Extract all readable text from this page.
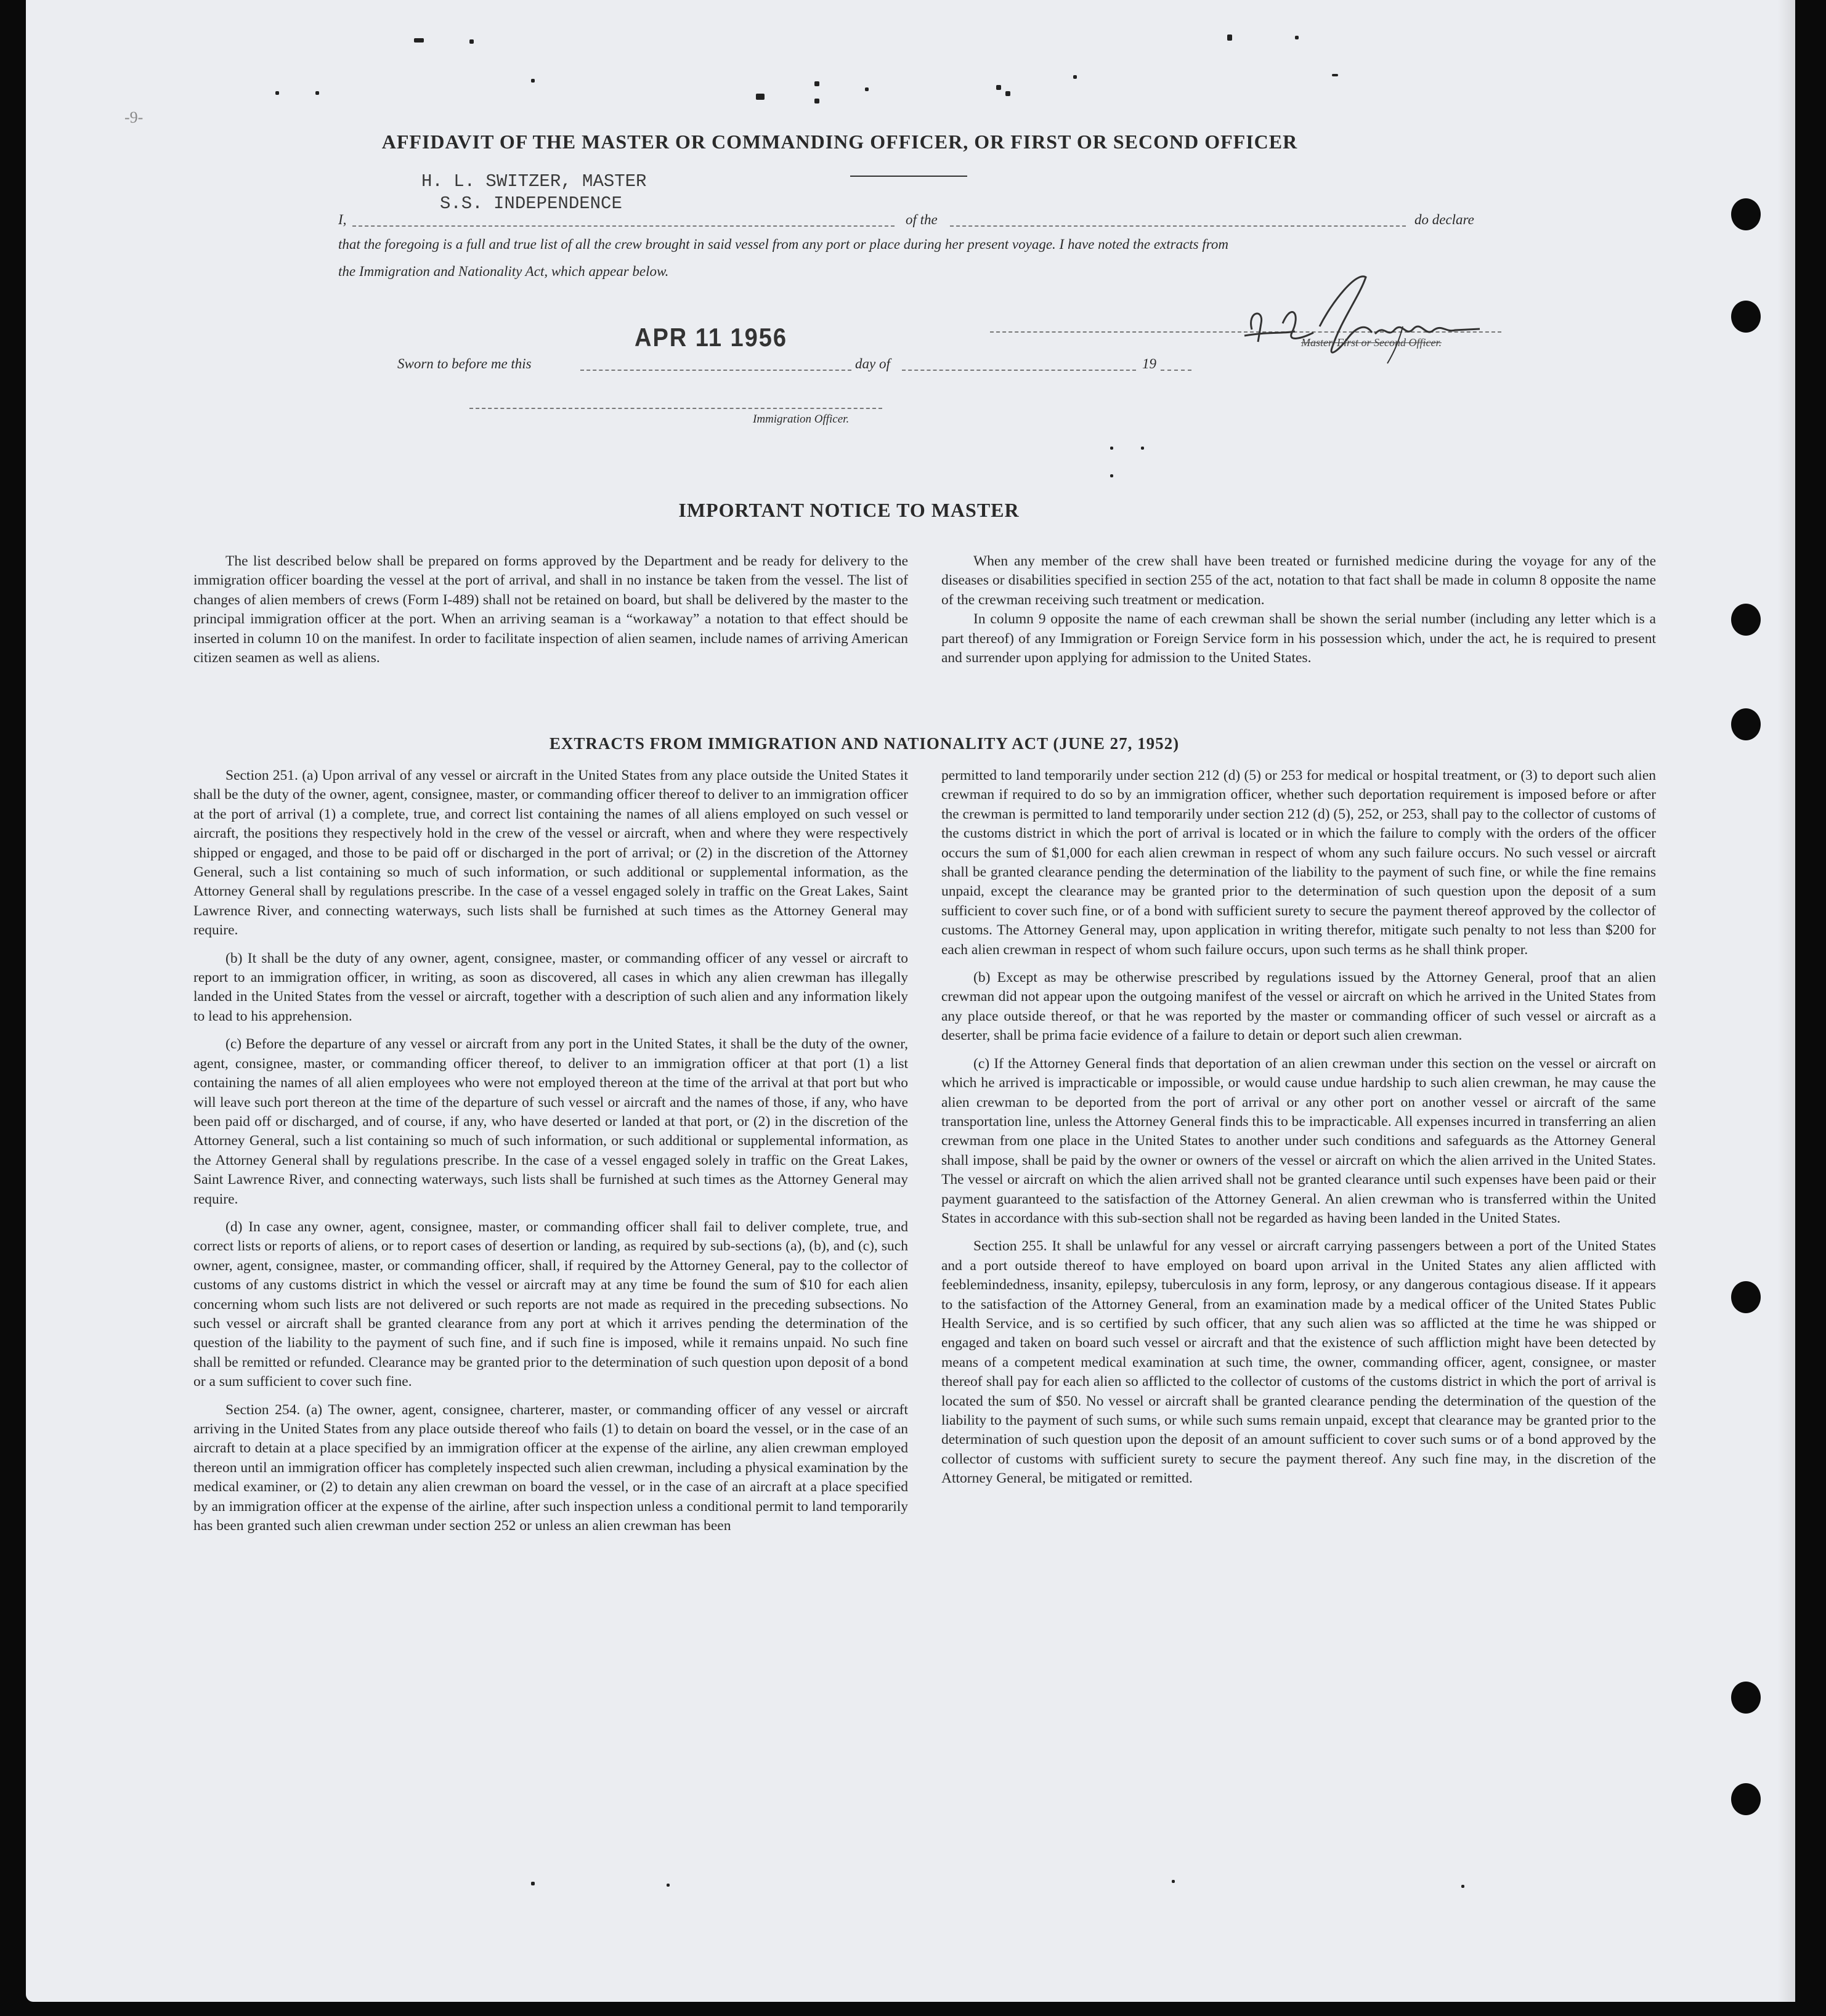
-9-
AFFIDAVIT OF THE MASTER OR COMMANDING OFFICER, OR FIRST OR SECOND OFFICER
H. L. SWITZER, MASTER
S.S. INDEPENDENCE
I,	of the	do declare
that the foregoing is a full and true list of all the crew brought in said vessel from any port or place during her present voyage. I have noted the extracts from
the Immigration and Nationality Act, which appear below.
Master, First or Second Officer.
APR 11 1956
Sworn to before me this	day of	19
Immigration Officer.
IMPORTANT NOTICE TO MASTER

The list described below shall be prepared on forms approved by the Department and be ready for delivery to the immigration officer boarding the vessel at the port of arrival, and shall in no instance be taken from the vessel. The list of changes of alien members of crews (Form I-489) shall not be retained on board, but shall be delivered by the master to the principal immigration officer at the port. When an arriving seaman is a “workaway” a notation to that effect should be inserted in column 10 on the manifest. In order to facilitate inspection of alien seamen, include names of arriving American citizen seamen as well as aliens.

When any member of the crew shall have been treated or furnished medicine during the voyage for any of the diseases or disabilities specified in section 255 of the act, notation to that fact shall be made in column 8 opposite the name of the crewman receiving such treatment or medication.

In column 9 opposite the name of each crewman shall be shown the serial number (including any letter which is a part thereof) of any Immigration or Foreign Service form in his possession which, under the act, he is required to present and surrender upon applying for admission to the United States.

EXTRACTS FROM IMMIGRATION AND NATIONALITY ACT (JUNE 27, 1952)

Section 251. (a) Upon arrival of any vessel or aircraft in the United States from any place outside the United States it shall be the duty of the owner, agent, consignee, master, or commanding officer thereof to deliver to an immigration officer at the port of arrival (1) a complete, true, and correct list containing the names of all aliens employed on such vessel or aircraft, the positions they respectively hold in the crew of the vessel or aircraft, when and where they were respectively shipped or engaged, and those to be paid off or discharged in the port of arrival; or (2) in the discretion of the Attorney General, such a list containing so much of such information, or such additional or supplemental information, as the Attorney General shall by regulations prescribe. In the case of a vessel engaged solely in traffic on the Great Lakes, Saint Lawrence River, and connecting waterways, such lists shall be furnished at such times as the Attorney General may require.

(b) It shall be the duty of any owner, agent, consignee, master, or commanding officer of any vessel or aircraft to report to an immigration officer, in writing, as soon as discovered, all cases in which any alien crewman has illegally landed in the United States from the vessel or aircraft, together with a description of such alien and any information likely to lead to his apprehension.

(c) Before the departure of any vessel or aircraft from any port in the United States, it shall be the duty of the owner, agent, consignee, master, or commanding officer thereof, to deliver to an immigration officer at that port (1) a list containing the names of all alien employees who were not employed thereon at the time of the arrival at that port but who will leave such port thereon at the time of the departure of such vessel or aircraft and the names of those, if any, who have been paid off or discharged, and of course, if any, who have deserted or landed at that port, or (2) in the discretion of the Attorney General, such a list containing so much of such information, or such additional or supplemental information, as the Attorney General shall by regulations prescribe. In the case of a vessel engaged solely in traffic on the Great Lakes, Saint Lawrence River, and connecting waterways, such lists shall be furnished at such times as the Attorney General may require.

(d) In case any owner, agent, consignee, master, or commanding officer shall fail to deliver complete, true, and correct lists or reports of aliens, or to report cases of desertion or landing, as required by sub-sections (a), (b), and (c), such owner, agent, consignee, master, or commanding officer, shall, if required by the Attorney General, pay to the collector of customs of any customs district in which the vessel or aircraft may at any time be found the sum of $10 for each alien concerning whom such lists are not delivered or such reports are not made as required in the preceding subsections. No such vessel or aircraft shall be granted clearance from any port at which it arrives pending the determination of the question of the liability to the payment of such fine, and if such fine is imposed, while it remains unpaid. No such fine shall be remitted or refunded. Clearance may be granted prior to the determination of such question upon deposit of a bond or a sum sufficient to cover such fine.

Section 254. (a) The owner, agent, consignee, charterer, master, or commanding officer of any vessel or aircraft arriving in the United States from any place outside thereof who fails (1) to detain on board the vessel, or in the case of an aircraft to detain at a place specified by an immigration officer at the expense of the airline, any alien crewman employed thereon until an immigration officer has completely inspected such alien crewman, including a physical examination by the medical examiner, or (2) to detain any alien crewman on board the vessel, or in the case of an aircraft at a place specified by an immigration officer at the expense of the airline, after such inspection unless a conditional permit to land temporarily has been granted such alien crewman under section 252 or unless an alien crewman has been

permitted to land temporarily under section 212 (d) (5) or 253 for medical or hospital treatment, or (3) to deport such alien crewman if required to do so by an immigration officer, whether such deportation requirement is imposed before or after the crewman is permitted to land temporarily under section 212 (d) (5), 252, or 253, shall pay to the collector of customs of the customs district in which the port of arrival is located or in which the failure to comply with the orders of the officer occurs the sum of $1,000 for each alien crewman in respect of whom any such failure occurs. No such vessel or aircraft shall be granted clearance pending the determination of the liability to the payment of such fine, or while the fine remains unpaid, except the clearance may be granted prior to the determination of such question upon the deposit of a sum sufficient to cover such fine, or of a bond with sufficient surety to secure the payment thereof approved by the collector of customs. The Attorney General may, upon application in writing therefor, mitigate such penalty to not less than $200 for each alien crewman in respect of whom such failure occurs, upon such terms as he shall think proper.

(b) Except as may be otherwise prescribed by regulations issued by the Attorney General, proof that an alien crewman did not appear upon the outgoing manifest of the vessel or aircraft on which he arrived in the United States from any place outside thereof, or that he was reported by the master or commanding officer of such vessel or aircraft as a deserter, shall be prima facie evidence of a failure to detain or deport such alien crewman.

(c) If the Attorney General finds that deportation of an alien crewman under this section on the vessel or aircraft on which he arrived is impracticable or impossible, or would cause undue hardship to such alien crewman, he may cause the alien crewman to be deported from the port of arrival or any other port on another vessel or aircraft of the same transportation line, unless the Attorney General finds this to be impracticable. All expenses incurred in transferring an alien crewman from one place in the United States to another under such conditions and safeguards as the Attorney General shall impose, shall be paid by the owner or owners of the vessel or aircraft on which the alien arrived in the United States. The vessel or aircraft on which the alien arrived shall not be granted clearance until such expenses have been paid or their payment guaranteed to the satisfaction of the Attorney General. An alien crewman who is transferred within the United States in accordance with this sub-section shall not be regarded as having been landed in the United States.

Section 255. It shall be unlawful for any vessel or aircraft carrying passengers between a port of the United States and a port outside thereof to have employed on board upon arrival in the United States any alien afflicted with feeblemindedness, insanity, epilepsy, tuberculosis in any form, leprosy, or any dangerous contagious disease. If it appears to the satisfaction of the Attorney General, from an examination made by a medical officer of the United States Public Health Service, and is so certified by such officer, that any such alien was so afflicted at the time he was shipped or engaged and taken on board such vessel or aircraft and that the existence of such affliction might have been detected by means of a competent medical examination at such time, the owner, commanding officer, agent, consignee, or master thereof shall pay for each alien so afflicted to the collector of customs of the customs district in which the port of arrival is located the sum of $50. No vessel or aircraft shall be granted clearance pending the determination of the question of the liability to the payment of such sums, or while such sums remain unpaid, except that clearance may be granted prior to the determination of such question upon the deposit of an amount sufficient to cover such sums or of a bond approved by the collector of customs with sufficient surety to secure the payment thereof. Any such fine may, in the discretion of the Attorney General, be mitigated or remitted.
